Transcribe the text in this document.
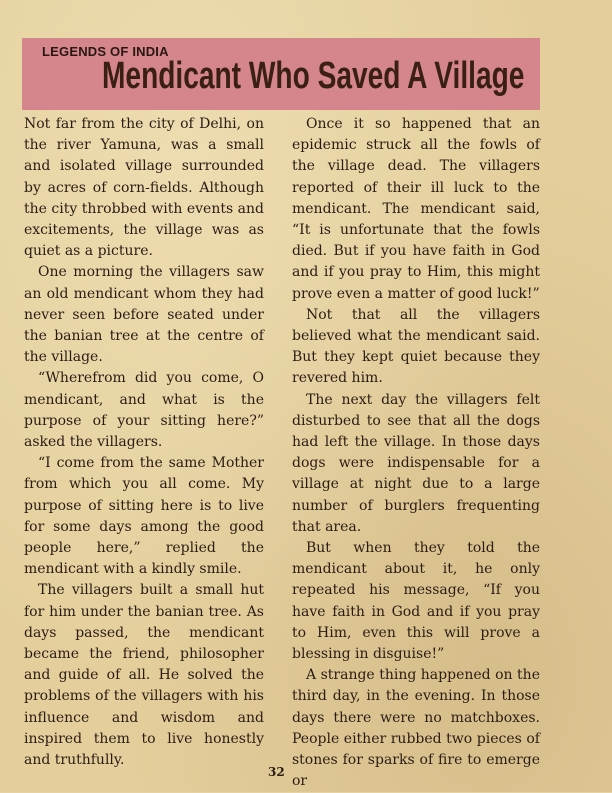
LEGENDS OF INDIA
Mendicant Who Saved A Village

Not far from the city of Delhi, on the river Yamuna, was a small and isolated village surrounded by acres of corn-fields. Although the city throbbed with events and excitements, the village was as quiet as a picture.

One morning the villagers saw an old mendicant whom they had never seen before seated under the banian tree at the centre of the village.

“Wherefrom did you come, O mendicant, and what is the purpose of your sitting here?” asked the villagers.

“I come from the same Mother from which you all come. My purpose of sitting here is to live for some days among the good people here,” replied the mendicant with a kindly smile.

The villagers built a small hut for him under the banian tree. As days passed, the mendicant became the friend, philosopher and guide of all. He solved the problems of the villagers with his influence and wisdom and inspired them to live honestly and truthfully.

Once it so happened that an epidemic struck all the fowls of the village dead. The villagers reported of their ill luck to the mendicant. The mendicant said, “It is unfortunate that the fowls died. But if you have faith in God and if you pray to Him, this might prove even a matter of good luck!”

Not that all the villagers believed what the mendicant said. But they kept quiet because they revered him.

The next day the villagers felt disturbed to see that all the dogs had left the village. In those days dogs were indispensable for a village at night due to a large number of burglers frequenting that area.

But when they told the mendicant about it, he only repeated his message, “If you have faith in God and if you pray to Him, even this will prove a blessing in disguise!”

A strange thing happened on the third day, in the evening. In those days there were no matchboxes. People either rubbed two pieces of stones for sparks of fire to emerge or

32
